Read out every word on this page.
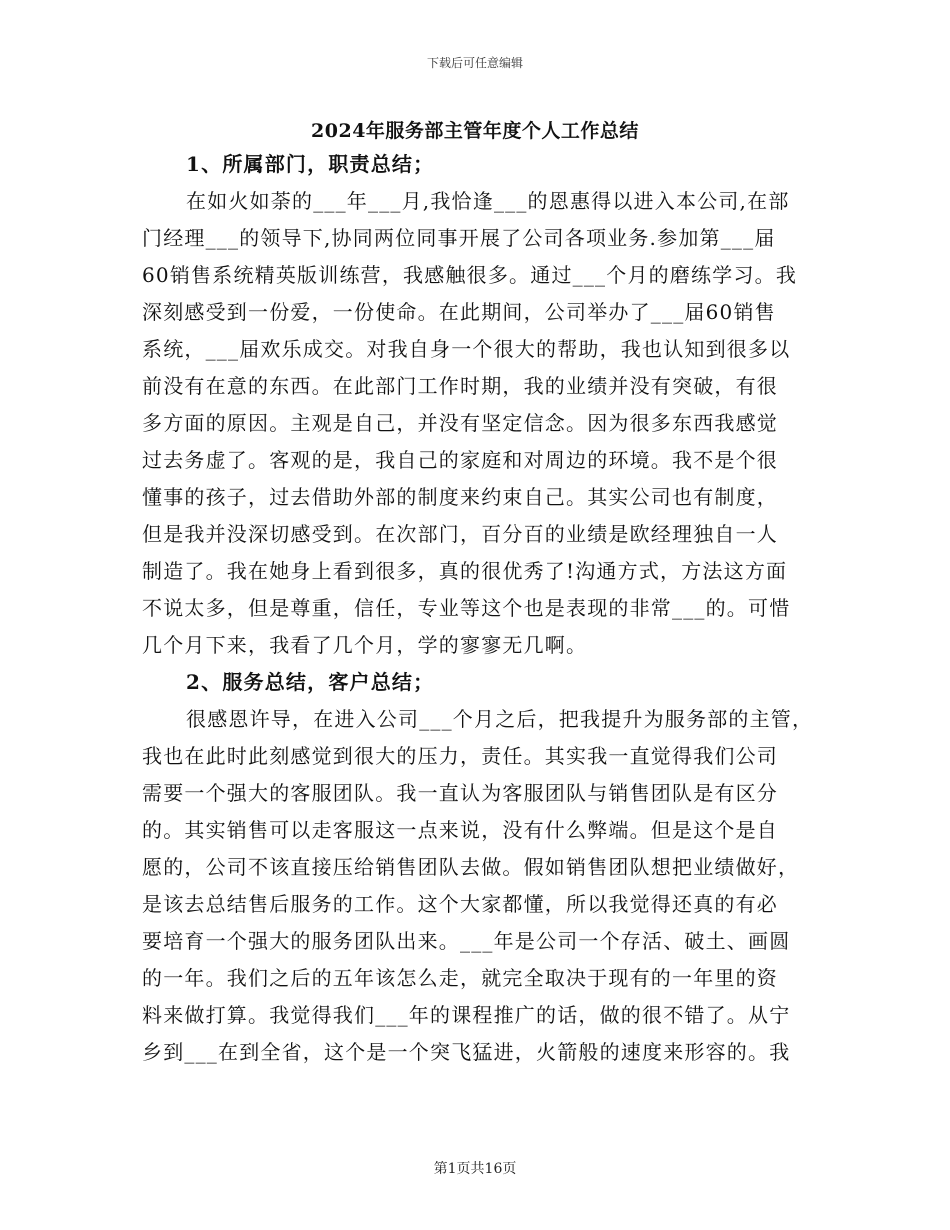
下载后可任意编辑
2024年服务部主管年度个人工作总结
1、所属部门，职责总结；
在如火如荼的___年___月,我恰逢___的恩惠得以进入本公司,在部
门经理___的领导下,协同两位同事开展了公司各项业务.参加第___届
60销售系统精英版训练营，我感触很多。通过___个月的磨练学习。我
深刻感受到一份爱，一份使命。在此期间，公司举办了___届60销售
系统，___届欢乐成交。对我自身一个很大的帮助，我也认知到很多以
前没有在意的东西。在此部门工作时期，我的业绩并没有突破，有很
多方面的原因。主观是自己，并没有坚定信念。因为很多东西我感觉
过去务虚了。客观的是，我自己的家庭和对周边的环境。我不是个很
懂事的孩子，过去借助外部的制度来约束自己。其实公司也有制度，
但是我并没深切感受到。在次部门，百分百的业绩是欧经理独自一人
制造了。我在她身上看到很多，真的很优秀了!沟通方式，方法这方面
不说太多，但是尊重，信任，专业等这个也是表现的非常___的。可惜
几个月下来，我看了几个月，学的寥寥无几啊。
2、服务总结，客户总结；
很感恩许导，在进入公司___个月之后，把我提升为服务部的主管，
我也在此时此刻感觉到很大的压力，责任。其实我一直觉得我们公司
需要一个强大的客服团队。我一直认为客服团队与销售团队是有区分
的。其实销售可以走客服这一点来说，没有什么弊端。但是这个是自
愿的，公司不该直接压给销售团队去做。假如销售团队想把业绩做好，
是该去总结售后服务的工作。这个大家都懂，所以我觉得还真的有必
要培育一个强大的服务团队出来。___年是公司一个存活、破土、画圆
的一年。我们之后的五年该怎么走，就完全取决于现有的一年里的资
料来做打算。我觉得我们___年的课程推广的话，做的很不错了。从宁
乡到___在到全省，这个是一个突飞猛进，火箭般的速度来形容的。我
第1页共16页
